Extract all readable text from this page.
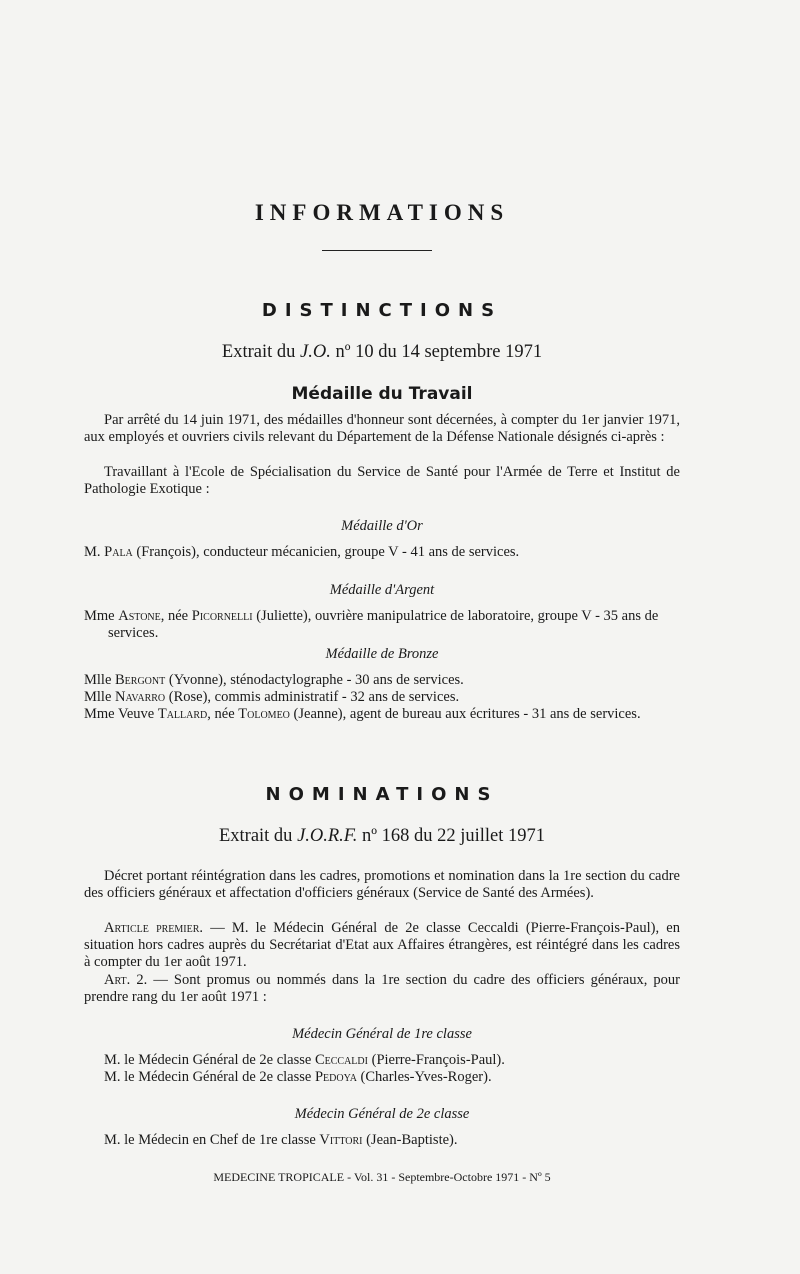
INFORMATIONS
DISTINCTIONS
Extrait du J.O. nº 10 du 14 septembre 1971
Médaille du Travail
Par arrêté du 14 juin 1971, des médailles d'honneur sont décernées, à compter du 1er janvier 1971, aux employés et ouvriers civils relevant du Département de la Défense Nationale désignés ci-après :
Travaillant à l'Ecole de Spécialisation du Service de Santé pour l'Armée de Terre et Institut de Pathologie Exotique :
Médaille d'Or
M. Pala (François), conducteur mécanicien, groupe V - 41 ans de services.
Médaille d'Argent
Mme Astone, née Picornelli (Juliette), ouvrière manipulatrice de laboratoire, groupe V - 35 ans de services.
Médaille de Bronze
Mlle Bergont (Yvonne), sténodactylographe - 30 ans de services.
Mlle Navarro (Rose), commis administratif - 32 ans de services.
Mme Veuve Tallard, née Tolomeo (Jeanne), agent de bureau aux écritures - 31 ans de services.
NOMINATIONS
Extrait du J.O.R.F. nº 168 du 22 juillet 1971
Décret portant réintégration dans les cadres, promotions et nomination dans la 1re section du cadre des officiers généraux et affectation d'officiers généraux (Service de Santé des Armées).
Article premier. — M. le Médecin Général de 2e classe Ceccaldi (Pierre-François-Paul), en situation hors cadres auprès du Secrétariat d'Etat aux Affaires étrangères, est réintégré dans les cadres à compter du 1er août 1971.
Art. 2. — Sont promus ou nommés dans la 1re section du cadre des officiers généraux, pour prendre rang du 1er août 1971 :
Médecin Général de 1re classe
M. le Médecin Général de 2e classe Ceccaldi (Pierre-François-Paul).
M. le Médecin Général de 2e classe Pedoya (Charles-Yves-Roger).
Médecin Général de 2e classe
M. le Médecin en Chef de 1re classe Vittori (Jean-Baptiste).
MEDECINE TROPICALE - Vol. 31 - Septembre-Octobre 1971 - Nº 5
